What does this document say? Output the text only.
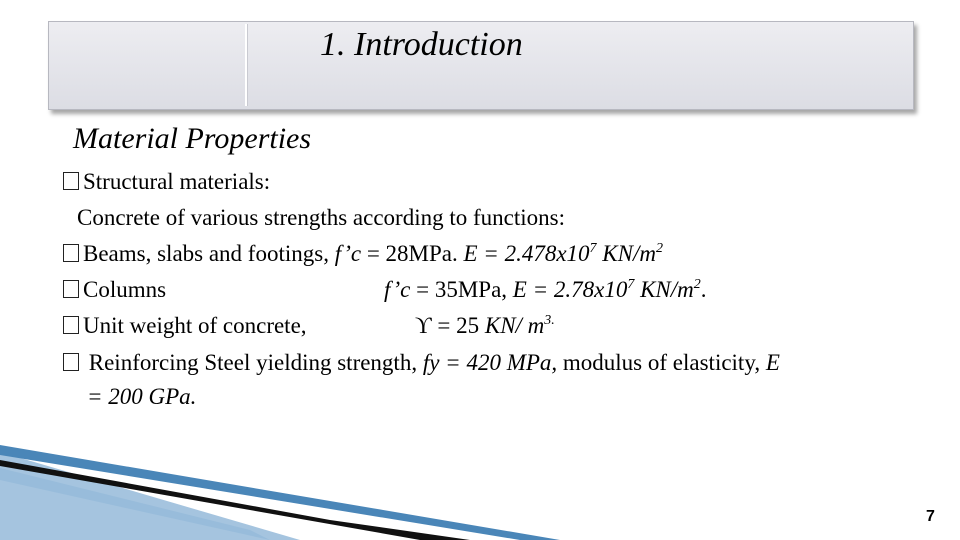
1. Introduction
Material Properties
Structural materials:
Concrete of various strengths according to functions:
Beams, slabs and footings, f’c = 28MPa. $E = 2.478x10^7$ $KN/m^2$
Columns	f’c = 35MPa, $E = 2.78x10^7$ $KN/m^2$.
Unit weight of concrete,	ϒ = 25 KN/ $m^{3.}$
Reinforcing Steel yielding strength, fy = 420 MPa, modulus of elasticity, E
= 200 GPa.
7
